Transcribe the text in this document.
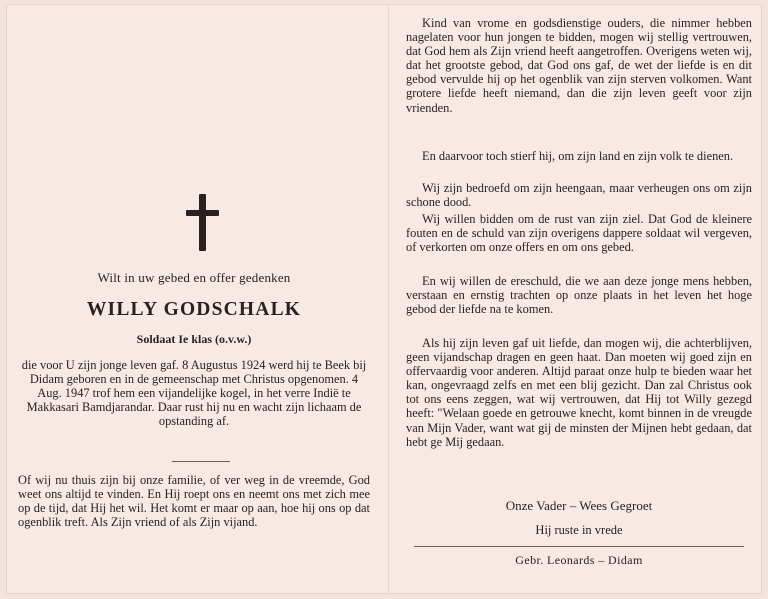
Wilt in uw gebed en offer gedenken
WILLY GODSCHALK
Soldaat Ie klas (o.v.w.)

die voor U zijn jonge leven gaf. 8 Augustus 1924 werd hij te Beek bij Didam geboren en in de gemeenschap met Christus opgenomen. 4 Aug. 1947 trof hem een vijandelijke kogel, in het verre Indië te Makkasari Bamdjarandar. Daar rust hij nu en wacht zijn lichaam de opstanding af.

Of wij nu thuis zijn bij onze familie, of ver weg in de vreemde, God weet ons altijd te vinden. En Hij roept ons en neemt ons met zich mee op de tijd, dat Hij het wil. Het komt er maar op aan, hoe hij ons op dat ogenblik treft. Als Zijn vriend of als Zijn vijand.

Kind van vrome en godsdienstige ouders, die nimmer hebben nagelaten voor hun jongen te bidden, mogen wij stellig vertrouwen, dat God hem als Zijn vriend heeft aangetroffen. Overigens weten wij, dat het grootste gebod, dat God ons gaf, de wet der liefde is en dit gebod vervulde hij op het ogenblik van zijn sterven volkomen. Want grotere liefde heeft niemand, dan die zijn leven geeft voor zijn vrienden.

En daarvoor toch stierf hij, om zijn land en zijn volk te dienen.

Wij zijn bedroefd om zijn heengaan, maar verheugen ons om zijn schone dood.

Wij willen bidden om de rust van zijn ziel. Dat God de kleinere fouten en de schuld van zijn overigens dappere soldaat wil vergeven, of verkorten om onze offers en om ons gebed.

En wij willen de ereschuld, die we aan deze jonge mens hebben, verstaan en ernstig trachten op onze plaats in het leven het hoge gebod der liefde na te komen.

Als hij zijn leven gaf uit liefde, dan mogen wij, die achterblijven, geen vijandschap dragen en geen haat. Dan moeten wij goed zijn en offervaardig voor anderen. Altijd paraat onze hulp te bieden waar het kan, ongevraagd zelfs en met een blij gezicht. Dan zal Christus ook tot ons eens zeggen, wat wij vertrouwen, dat Hij tot Willy gezegd heeft: "Welaan goede en getrouwe knecht, komt binnen in de vreugde van Mijn Vader, want wat gij de minsten der Mijnen hebt gedaan, dat hebt ge Mij gedaan.

Onze Vader – Wees Gegroet
Hij ruste in vrede
Gebr. Leonards – Didam
